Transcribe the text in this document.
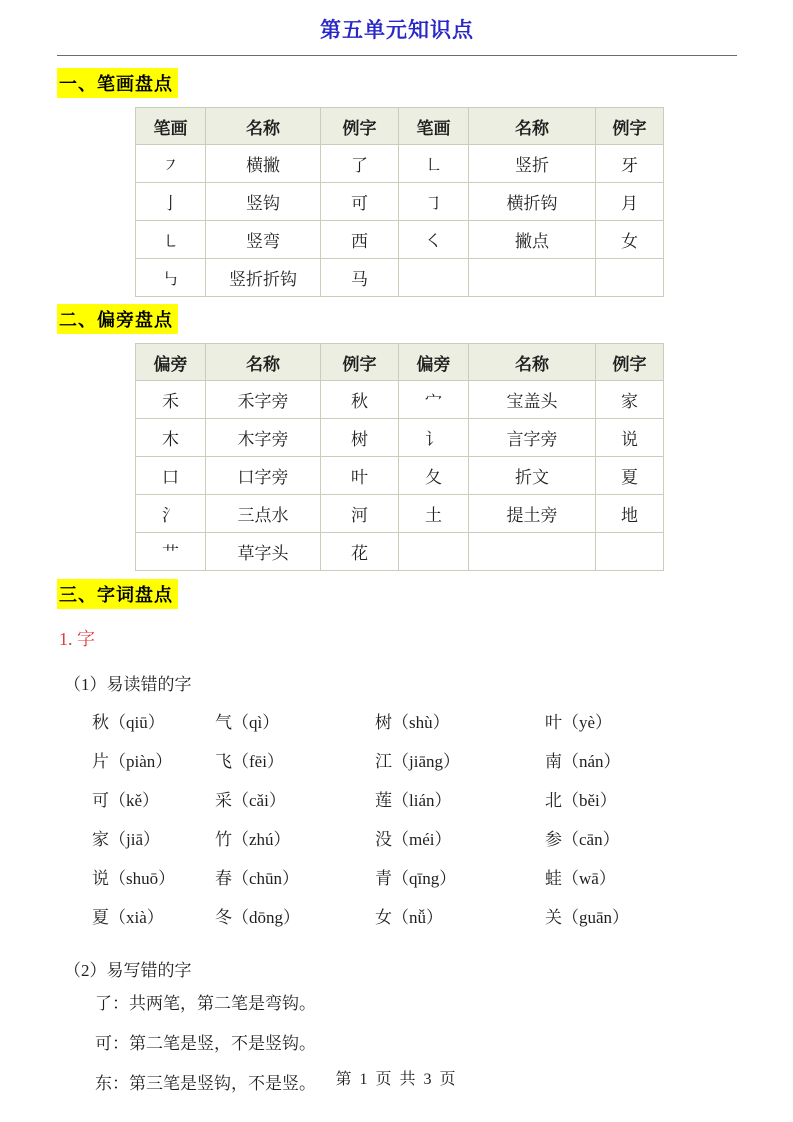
第五单元知识点
一、笔画盘点
笔画	名称	例字	笔画	名称	例字
㇇	横撇	了	㇗	竖折	牙
亅	竖钩	可	㇆	横折钩	月
㇄	竖弯	西	㇛	撇点	女
㇉	竖折折钩	马			
二、偏旁盘点
偏旁	名称	例字	偏旁	名称	例字
禾	禾字旁	秋	宀	宝盖头	家
木	木字旁	树	讠	言字旁	说
口	口字旁	叶	夂	折文	夏
氵	三点水	河	土	提土旁	地
艹	草字头	花			
三、字词盘点
1. 字
（1）易读错的字
秋（qiū）	气（qì）	树（shù）	叶（yè）
片（piàn）	飞（fēi）	江（jiāng）	南（nán）
可（kě）	采（cǎi）	莲（lián）	北（běi）
家（jiā）	竹（zhú）	没（méi）	参（cān）
说（shuō）	春（chūn）	青（qīng）	蛙（wā）
夏（xià）	冬（dōng）	女（nǚ）	关（guān）
（2）易写错的字
了：共两笔，第二笔是弯钩。
可：第二笔是竖，不是竖钩。
东：第三笔是竖钩，不是竖。	第 1 页 共 3 页
